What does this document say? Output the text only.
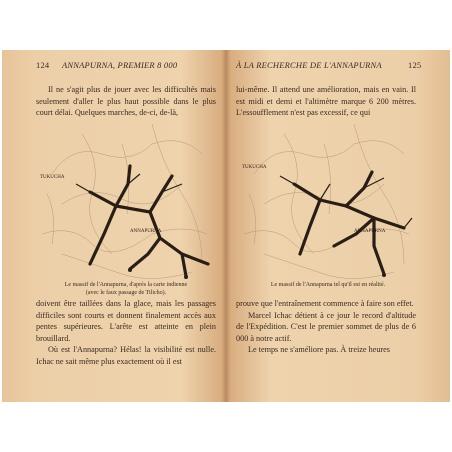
124 ANNAPURNA, PREMIER 8 000

Il ne s'agit plus de jouer avec les difficultés mais seulement d'aller le plus haut possible dans le plus court délai. Quelques marches, de-ci, de-là,

TUKUCHA
ANNAPURNA
Le massif de l'Annapurna, d'après la carte indienne
(avec le faux passage de Tilicho).

doivent être taillées dans la glace, mais les passages difficiles sont courts et donnent finalement accès aux pentes supérieures. L'arête est atteinte en plein brouillard.

Où est l'Annapurna? Hélas! la visibilité est nulle. Ichac ne sait même plus exactement où il est

À LA RECHERCHE DE L'ANNAPURNA	125

lui-même. Il attend une amélioration, mais en vain. Il est midi et demi et l'altimètre marque 6 200 mètres. L'essoufflement n'est pas excessif, ce qui

TUKUCHA
ANNAPURNA
Le massif de l'Annapurna tel qu'il est en réalité.

prouve que l'entraînement commence à faire son effet.

Marcel Ichac détient à ce jour le record d'altitude de l'Expédition. C'est le premier sommet de plus de 6 000 à notre actif.

Le temps ne s'améliore pas. À treize heures
